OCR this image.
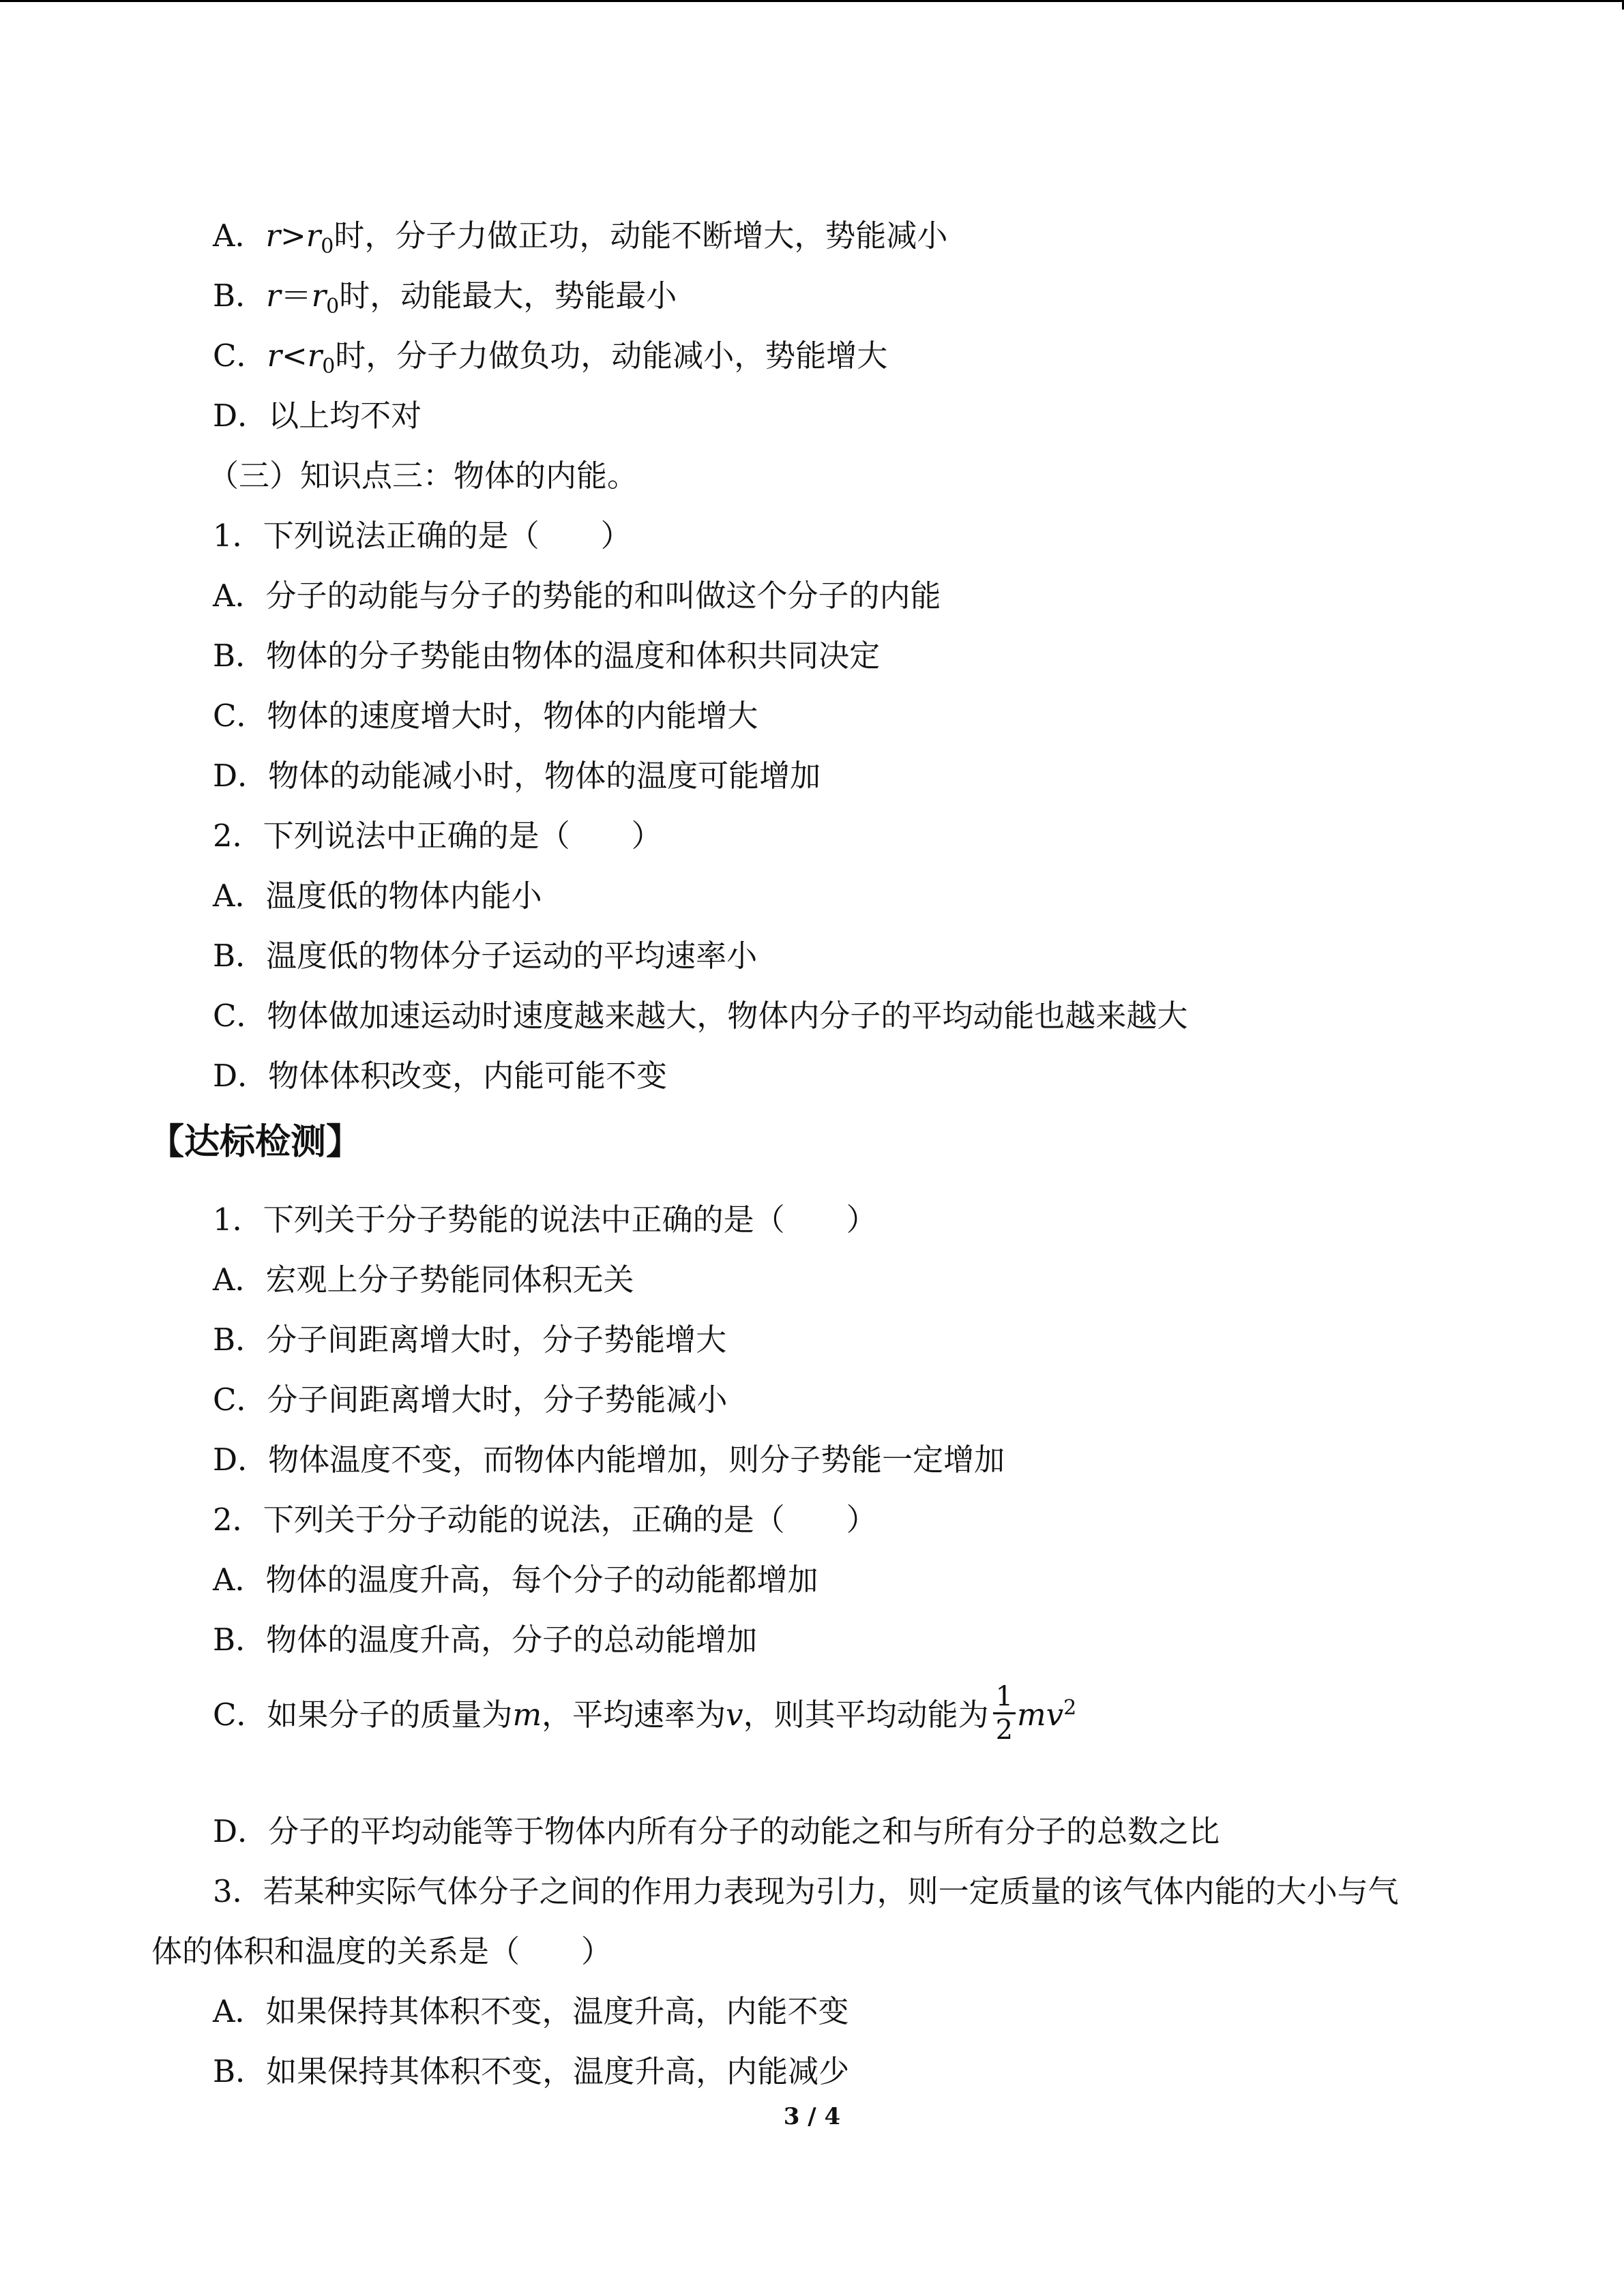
A．$r>r_0$时，分子力做正功，动能不断增大，势能减小
B．$r=r_0$时，动能最大，势能最小
C．$r<r_0$时，分子力做负功，动能减小，势能增大
D．以上均不对
（三）知识点三：物体的内能。
1．下列说法正确的是（　　）
A．分子的动能与分子的势能的和叫做这个分子的内能
B．物体的分子势能由物体的温度和体积共同决定
C．物体的速度增大时，物体的内能增大
D．物体的动能减小时，物体的温度可能增加
2．下列说法中正确的是（　　）
A．温度低的物体内能小
B．温度低的物体分子运动的平均速率小
C．物体做加速运动时速度越来越大，物体内分子的平均动能也越来越大
D．物体体积改变，内能可能不变
【达标检测】
1．下列关于分子势能的说法中正确的是（　　）
A．宏观上分子势能同体积无关
B．分子间距离增大时，分子势能增大
C．分子间距离增大时，分子势能减小
D．物体温度不变，而物体内能增加，则分子势能一定增加
2．下列关于分子动能的说法，正确的是（　　）
A．物体的温度升高，每个分子的动能都增加
B．物体的温度升高，分子的总动能增加
C．如果分子的质量为m，平均速率为v，则其平均动能为 $\frac{1}{2} mv^2$
D．分子的平均动能等于物体内所有分子的动能之和与所有分子的总数之比
3．若某种实际气体分子之间的作用力表现为引力，则一定质量的该气体内能的大小与气
体的体积和温度的关系是（　　）
A．如果保持其体积不变，温度升高，内能不变
B．如果保持其体积不变，温度升高，内能减少
3 / 4
